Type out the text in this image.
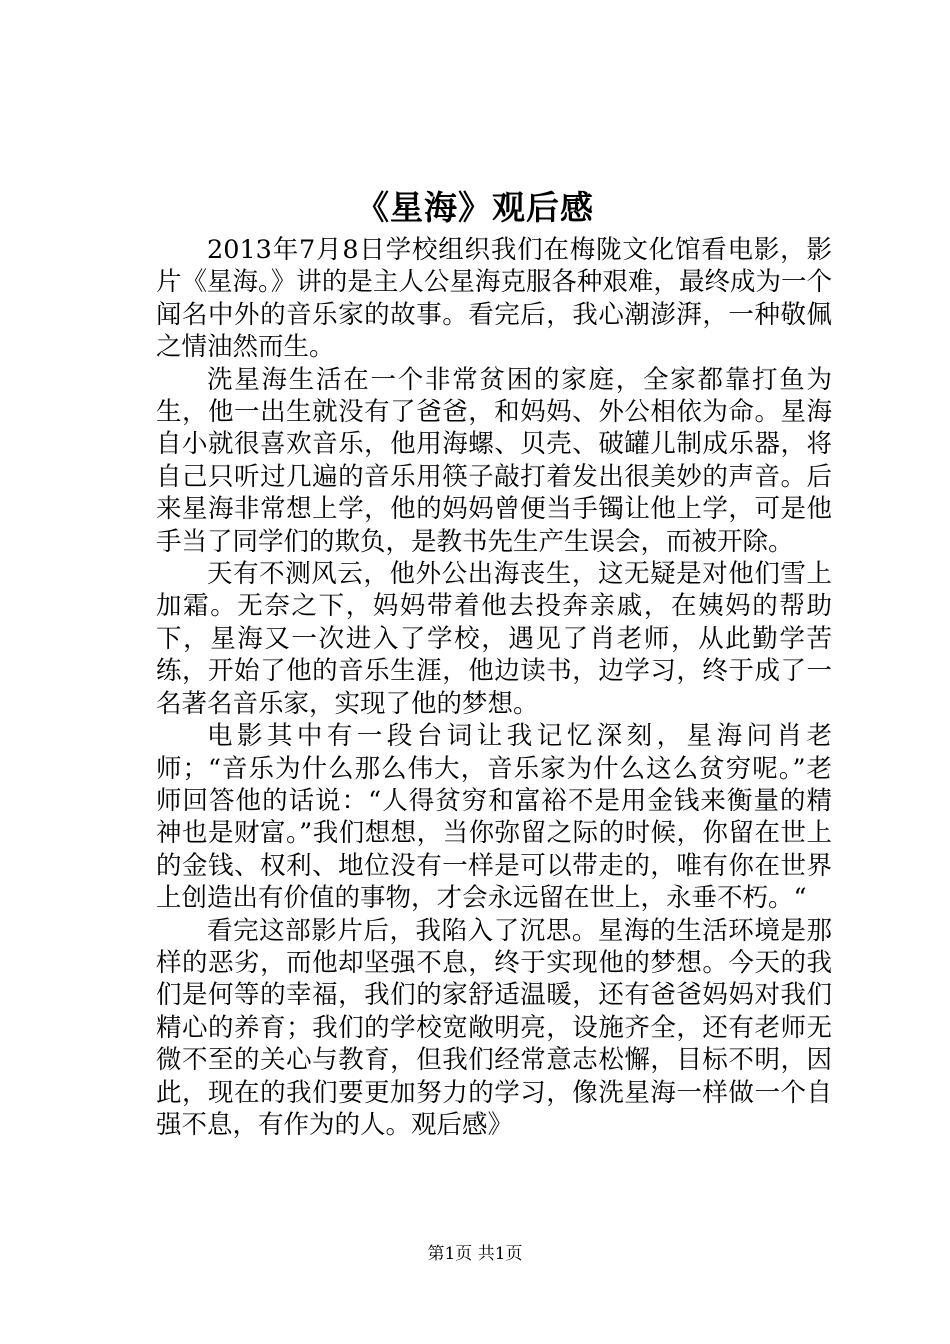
《星海》观后感

2013年7月8日学校组织我们在梅陇文化馆看电影，影片《星海。》讲的是主人公星海克服各种艰难，最终成为一个闻名中外的音乐家的故事。看完后，我心潮澎湃，一种敬佩之情油然而生。

洗星海生活在一个非常贫困的家庭，全家都靠打鱼为生，他一出生就没有了爸爸，和妈妈、外公相依为命。星海自小就很喜欢音乐，他用海螺、贝壳、破罐儿制成乐器，将自己只听过几遍的音乐用筷子敲打着发出很美妙的声音。后来星海非常想上学，他的妈妈曾便当手镯让他上学，可是他手当了同学们的欺负，是教书先生产生误会，而被开除。

天有不测风云，他外公出海丧生，这无疑是对他们雪上加霜。无奈之下，妈妈带着他去投奔亲戚，在姨妈的帮助下，星海又一次进入了学校，遇见了肖老师，从此勤学苦练，开始了他的音乐生涯，他边读书，边学习，终于成了一名著名音乐家，实现了他的梦想。

电影其中有一段台词让我记忆深刻，星海问肖老师；“音乐为什么那么伟大，音乐家为什么这么贫穷呢。”老师回答他的话说：“人得贫穷和富裕不是用金钱来衡量的精神也是财富。”我们想想，当你弥留之际的时候，你留在世上的金钱、权利、地位没有一样是可以带走的，唯有你在世界上创造出有价值的事物，才会永远留在世上，永垂不朽。“

看完这部影片后，我陷入了沉思。星海的生活环境是那样的恶劣，而他却坚强不息，终于实现他的梦想。今天的我们是何等的幸福，我们的家舒适温暖，还有爸爸妈妈对我们精心的养育；我们的学校宽敞明亮，设施齐全，还有老师无微不至的关心与教育，但我们经常意志松懈，目标不明，因此，现在的我们要更加努力的学习，像洗星海一样做一个自强不息，有作为的人。观后感》

第1页 共1页
